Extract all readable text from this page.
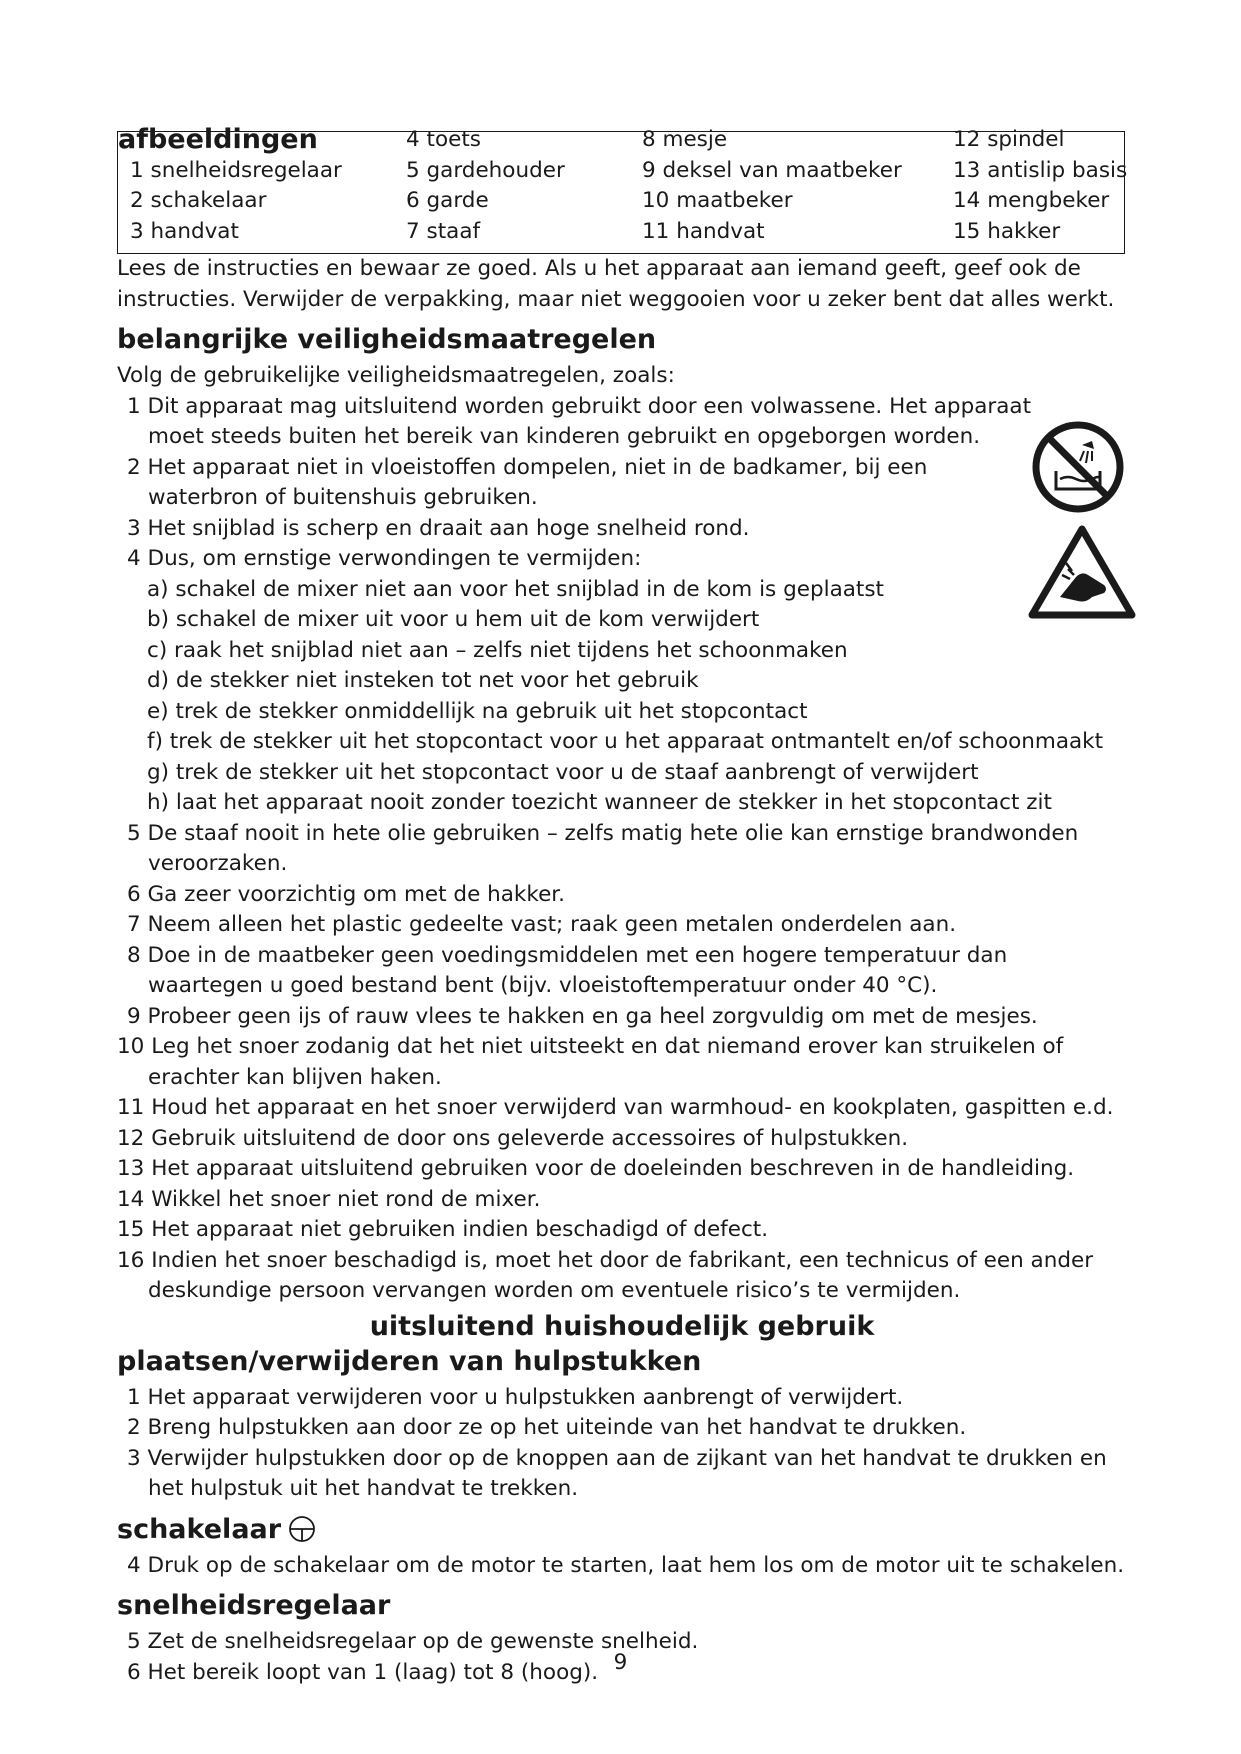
afbeeldingen
1 snelheidsregelaar
2 schakelaar
3 handvat
4 toets
5 gardehouder
6 garde
7 staaf
8 mesje
9 deksel van maatbeker
10 maatbeker
11 handvat
12 spindel
13 antislip basis
14 mengbeker
15 hakker

Lees de instructies en bewaar ze goed. Als u het apparaat aan iemand geeft, geef ook de instructies. Verwijder de verpakking, maar niet weggooien voor u zeker bent dat alles werkt.

belangrijke veiligheidsmaatregelen

Volg de gebruikelijke veiligheidsmaatregelen, zoals:

1 Dit apparaat mag uitsluitend worden gebruikt door een volwassene. Het apparaat moet steeds buiten het bereik van kinderen gebruikt en opgeborgen worden.
2 Het apparaat niet in vloeistoffen dompelen, niet in de badkamer, bij een waterbron of buitenshuis gebruiken.
3 Het snijblad is scherp en draait aan hoge snelheid rond.
4 Dus, om ernstige verwondingen te vermijden:
a) schakel de mixer niet aan voor het snijblad in de kom is geplaatst
b) schakel de mixer uit voor u hem uit de kom verwijdert
c) raak het snijblad niet aan – zelfs niet tijdens het schoonmaken
d) de stekker niet insteken tot net voor het gebruik
e) trek de stekker onmiddellijk na gebruik uit het stopcontact
f) trek de stekker uit het stopcontact voor u het apparaat ontmantelt en/of schoonmaakt
g) trek de stekker uit het stopcontact voor u de staaf aanbrengt of verwijdert
h) laat het apparaat nooit zonder toezicht wanneer de stekker in het stopcontact zit
5 De staaf nooit in hete olie gebruiken – zelfs matig hete olie kan ernstige brandwonden veroorzaken.
6 Ga zeer voorzichtig om met de hakker.
7 Neem alleen het plastic gedeelte vast; raak geen metalen onderdelen aan.
8 Doe in de maatbeker geen voedingsmiddelen met een hogere temperatuur dan waartegen u goed bestand bent (bijv. vloeistoftemperatuur onder 40 °C).
9 Probeer geen ijs of rauw vlees te hakken en ga heel zorgvuldig om met de mesjes.
10 Leg het snoer zodanig dat het niet uitsteekt en dat niemand erover kan struikelen of erachter kan blijven haken.
11 Houd het apparaat en het snoer verwijderd van warmhoud- en kookplaten, gaspitten e.d.
12 Gebruik uitsluitend de door ons geleverde accessoires of hulpstukken.
13 Het apparaat uitsluitend gebruiken voor de doeleinden beschreven in de handleiding.
14 Wikkel het snoer niet rond de mixer.
15 Het apparaat niet gebruiken indien beschadigd of defect.
16 Indien het snoer beschadigd is, moet het door de fabrikant, een technicus of een ander deskundige persoon vervangen worden om eventuele risico’s te vermijden.
uitsluitend huishoudelijk gebruik
plaatsen/verwijderen van hulpstukken
1 Het apparaat verwijderen voor u hulpstukken aanbrengt of verwijdert.
2 Breng hulpstukken aan door ze op het uiteinde van het handvat te drukken.
3 Verwijder hulpstukken door op de knoppen aan de zijkant van het handvat te drukken en het hulpstuk uit het handvat te trekken.
schakelaar
4 Druk op de schakelaar om de motor te starten, laat hem los om de motor uit te schakelen.
snelheidsregelaar
5 Zet de snelheidsregelaar op de gewenste snelheid.
6 Het bereik loopt van 1 (laag) tot 8 (hoog). 9
